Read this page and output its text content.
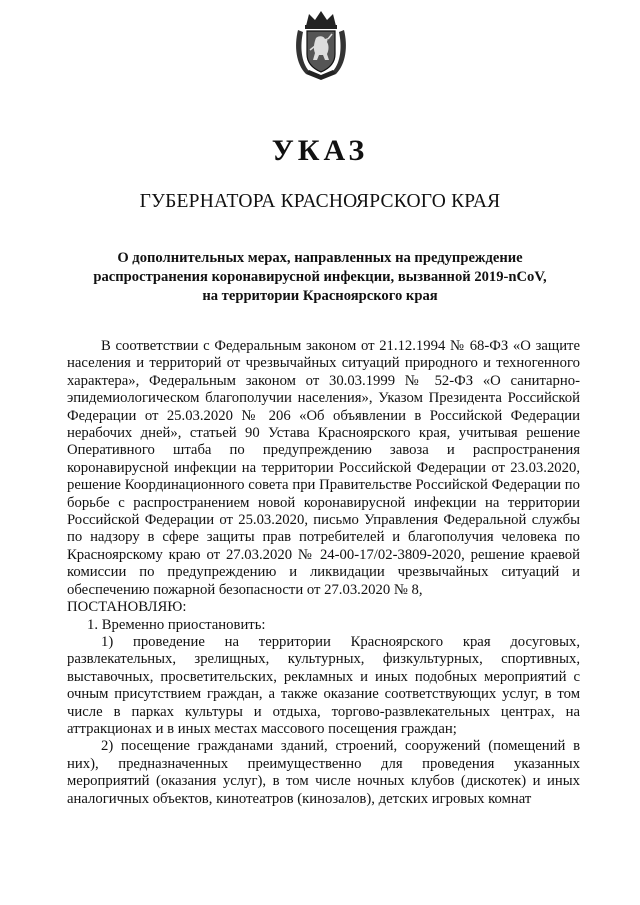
УКАЗ
ГУБЕРНАТОРА КРАСНОЯРСКОГО КРАЯ
О дополнительных мерах, направленных на предупреждение
распространения коронавирусной инфекции, вызванной 2019-nCoV,
на территории Красноярского края

В соответствии с Федеральным законом от 21.12.1994 № 68-ФЗ «О защите населения и территорий от чрезвычайных ситуаций природного и техногенного характера», Федеральным законом от 30.03.1999 № 52-ФЗ «О санитарно-эпидемиологическом благополучии населения», Указом Президента Российской Федерации от 25.03.2020 № 206 «Об объявлении в Российской Федерации нерабочих дней», статьей 90 Устава Красноярского края, учитывая решение Оперативного штаба по предупреждению завоза и распространения коронавирусной инфекции на территории Российской Федерации от 23.03.2020, решение Координационного совета при Правительстве Российской Федерации по борьбе с распространением новой коронавирусной инфекции на территории Российской Федерации от 25.03.2020, письмо Управления Федеральной службы по надзору в сфере защиты прав потребителей и благополучия человека по Красноярскому краю от 27.03.2020 № 24-00-17/02-3809-2020, решение краевой комиссии по предупреждению и ликвидации чрезвычайных ситуаций и обеспечению пожарной безопасности от 27.03.2020 № 8,

ПОСТАНОВЛЯЮ:

1. Временно приостановить:

1) проведение на территории Красноярского края досуговых, развлекательных, зрелищных, культурных, физкультурных, спортивных, выставочных, просветительских, рекламных и иных подобных мероприятий с очным присутствием граждан, а также оказание соответствующих услуг, в том числе в парках культуры и отдыха, торгово-развлекательных центрах, на аттракционах и в иных местах массового посещения граждан;

2) посещение гражданами зданий, строений, сооружений (помещений в них), предназначенных преимущественно для проведения указанных мероприятий (оказания услуг), в том числе ночных клубов (дискотек) и иных аналогичных объектов, кинотеатров (кинозалов), детских игровых комнат
